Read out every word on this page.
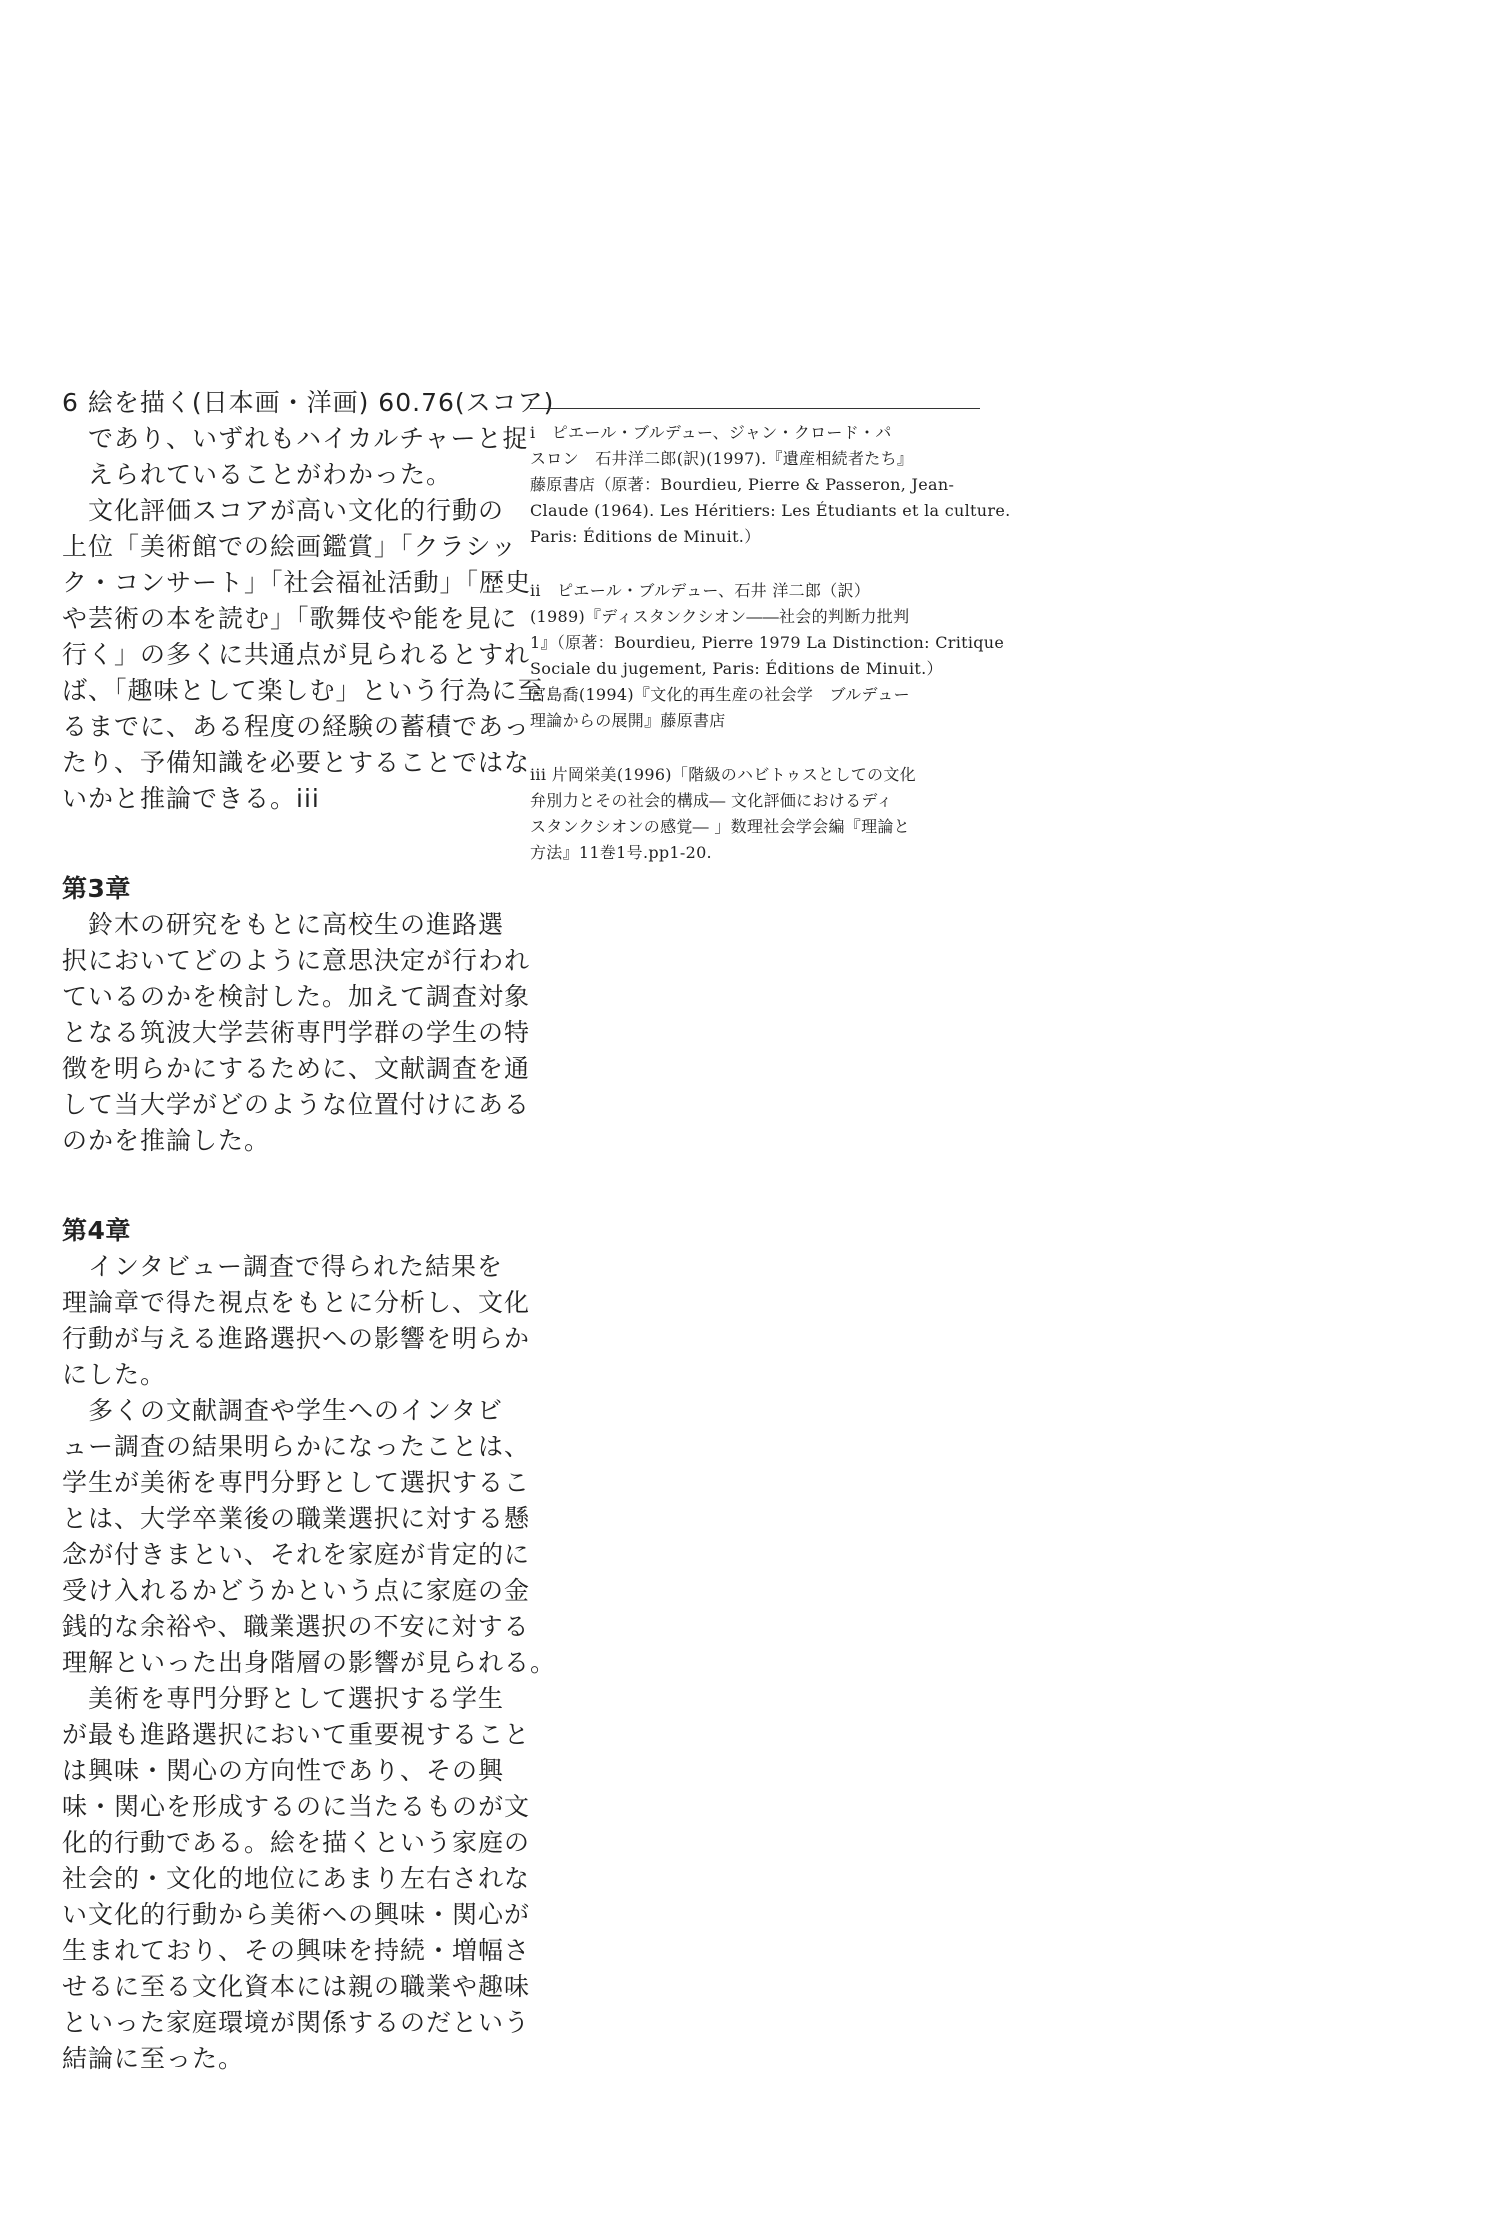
6 絵を描く(日本画・洋画) 60.76(スコア)
　であり、いずれもハイカルチャーと捉
　えられていることがわかった。
　文化評価スコアが高い文化的行動の
上位「美術館での絵画鑑賞」「クラシッ
ク・コンサート」「社会福祉活動」「歴史
や芸術の本を読む」「歌舞伎や能を見に
行く」の多くに共通点が見られるとすれ
ば、「趣味として楽しむ」という行為に至
るまでに、ある程度の経験の蓄積であっ
たり、予備知識を必要とすることではな
いかと推論できる。iii
第3章
　鈴木の研究をもとに高校生の進路選
択においてどのように意思決定が行われ
ているのかを検討した。加えて調査対象
となる筑波大学芸術専門学群の学生の特
徴を明らかにするために、文献調査を通
して当大学がどのような位置付けにある
のかを推論した。
第4章
　インタビュー調査で得られた結果を
理論章で得た視点をもとに分析し、文化
行動が与える進路選択への影響を明らか
にした。
　多くの文献調査や学生へのインタビ
ュー調査の結果明らかになったことは、
学生が美術を専門分野として選択するこ
とは、大学卒業後の職業選択に対する懸
念が付きまとい、それを家庭が肯定的に
受け入れるかどうかという点に家庭の金
銭的な余裕や、職業選択の不安に対する
理解といった出身階層の影響が見られる。
　美術を専門分野として選択する学生
が最も進路選択において重要視すること
は興味・関心の方向性であり、その興
味・関心を形成するのに当たるものが文
化的行動である。絵を描くという家庭の
社会的・文化的地位にあまり左右されな
い文化的行動から美術への興味・関心が
生まれており、その興味を持続・増幅さ
せるに至る文化資本には親の職業や趣味
といった家庭環境が関係するのだという
結論に至った。
i　ピエール・ブルデュー、ジャン・クロード・パ
スロン　石井洋二郎(訳)(1997).『遺産相続者たち』
藤原書店（原著：Bourdieu, Pierre & Passeron, Jean-
Claude (1964). Les Héritiers: Les Étudiants et la culture.
Paris: Éditions de Minuit.）
ii　ピエール・ブルデュー、石井 洋二郎（訳）
(1989)『ディスタンクシオン――社会的判断力批判
1』（原著：Bourdieu, Pierre 1979 La Distinction: Critique
Sociale du jugement, Paris: Éditions de Minuit.）
宮島喬(1994)『文化的再生産の社会学　ブルデュー
理論からの展開』藤原書店
iii 片岡栄美(1996)「階級のハビトゥスとしての文化
弁別力とその社会的構成― 文化評価におけるディ
スタンクシオンの感覚― 」数理社会学会編『理論と
方法』11巻1号.pp1-20.
